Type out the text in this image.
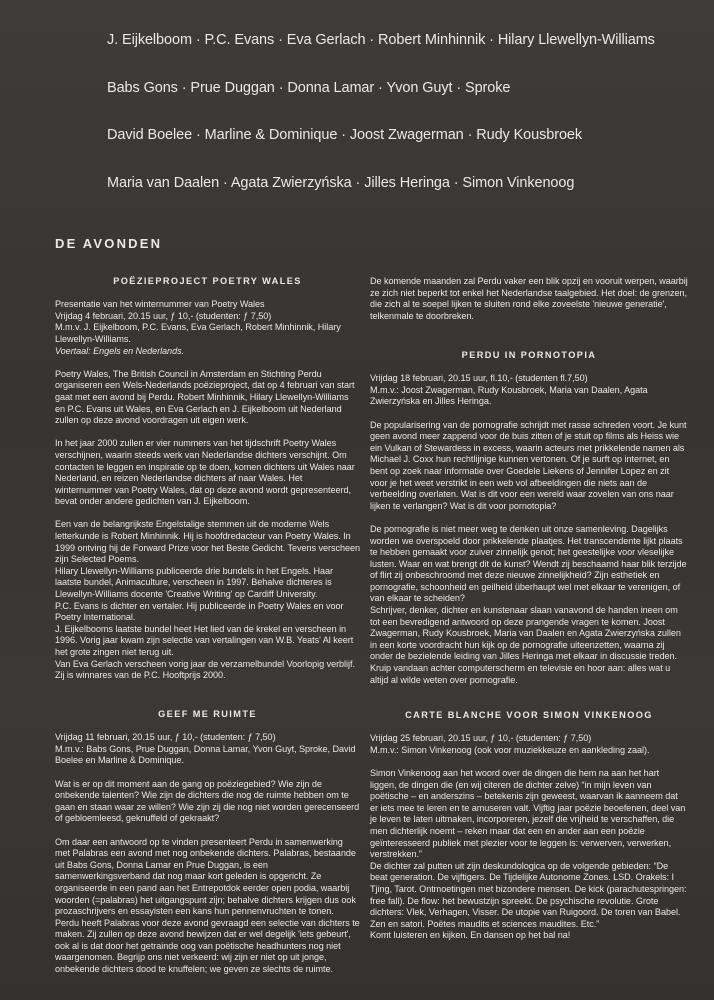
J. Eijkelboom · P.C. Evans · Eva Gerlach · Robert Minhinnik · Hilary Llewellyn-Williams
Babs Gons · Prue Duggan · Donna Lamar · Yvon Guyt · Sproke
David Boelee · Marline & Dominique · Joost Zwagerman · Rudy Kousbroek
Maria van Daalen · Agata Zwierzyńska · Jilles Heringa · Simon Vinkenoog
DE AVONDEN

POËZIEPROJECT POETRY WALES

Presentatie van het winternummer van Poetry Wales

Vrijdag 4 februari, 20.15 uur, ƒ 10,- (studenten: ƒ 7,50)

M.m.v. J. Eijkelboom, P.C. Evans, Eva Gerlach, Robert Minhinnik, Hilary Llewellyn-Williams.

Voertaal: Engels en Nederlands.

Poetry Wales, The British Council in Amsterdam en Stichting Perdu organiseren een Wels-Nederlands poëzieproject, dat op 4 februari van start gaat met een avond bij Perdu. Robert Minhinnik, Hilary Llewellyn-Williams en P.C. Evans uit Wales, en Eva Gerlach en J. Eijkelboom uit Nederland zullen op deze avond voordragen uit eigen werk.

In het jaar 2000 zullen er vier nummers van het tijdschrift Poetry Wales verschijnen, waarin steeds werk van Nederlandse dichters verschijnt. Om contacten te leggen en inspiratie op te doen, komen dichters uit Wales naar Nederland, en reizen Nederlandse dichters af naar Wales. Het winternummer van Poetry Wales, dat op deze avond wordt gepresenteerd, bevat onder andere gedichten van J. Eijkelboom.

Een van de belangrijkste Engelstalige stemmen uit de moderne Wels letterkunde is Robert Minhinnik. Hij is hoofdredacteur van Poetry Wales. In 1999 ontving hij de Forward Prize voor het Beste Gedicht. Tevens verscheen zijn Selected Poems.

Hilary Llewellyn-Williams publiceerde drie bundels in het Engels. Haar laatste bundel, Animaculture, verscheen in 1997. Behalve dichteres is Llewellyn-Williams docente 'Creative Writing' op Cardiff University.

P.C. Evans is dichter en vertaler. Hij publiceerde in Poetry Wales en voor Poetry International.

J. Eijkelbooms laatste bundel heet Het lied van de krekel en verscheen in 1996. Vorig jaar kwam zijn selectie van vertalingen van W.B. Yeats' Al keert het grote zingen niet terug uit.

Van Eva Gerlach verscheen vorig jaar de verzamelbundel Voorlopig verblijf. Zij is winnares van de P.C. Hooftprijs 2000.

GEEF ME RUIMTE

Vrijdag 11 februari, 20.15 uur, ƒ 10,- (studenten: ƒ 7,50)

M.m.v.: Babs Gons, Prue Duggan, Donna Lamar, Yvon Guyt, Sproke, David Boelee en Marline & Dominique.

Wat is er op dit moment aan de gang op poëziegebied? Wie zijn de onbekende talenten? Wie zijn de dichters die nog de ruimte hebben om te gaan en staan waar ze willen? Wie zijn zij die nog niet worden gerecenseerd of gebloemleesd, geknuffeld of gekraakt?

Om daar een antwoord op te vinden presenteert Perdu in samenwerking met Palabras een avond met nog onbekende dichters. Palabras, bestaande uit Babs Gons, Donna Lamar en Prue Duggan, is een samenwerkingsverband dat nog maar kort geleden is opgericht. Ze organiseerde in een pand aan het Entrepotdok eerder open podia, waarbij woorden (=palabras) het uitgangspunt zijn; behalve dichters krijgen dus ook prozaschrijvers en essayisten een kans hun pennenvruchten te tonen.

Perdu heeft Palabras voor deze avond gevraagd een selectie van dichters te maken. Zij zullen op deze avond bewijzen dat er wel degelijk 'iets gebeurt', ook al is dat door het getrainde oog van poëtische headhunters nog niet waargenomen. Begrijp ons niet verkeerd: wij zijn er niet op uit jonge, onbekende dichters dood te knuffelen; we geven ze slechts de ruimte.

De komende maanden zal Perdu vaker een blik opzij en vooruit werpen, waarbij ze zich niet beperkt tot enkel het Nederlandse taalgebied. Het doel: de grenzen, die zich al te soepel lijken te sluiten rond elke zoveelste 'nieuwe generatie', telkenmale te doorbreken.

PERDU IN PORNOTOPIA

Vrijdag 18 februari, 20.15 uur, fl.10,- (studenten fl.7,50)

M.m.v.: Joost Zwagerman, Rudy Kousbroek, Maria van Daalen, Agata Zwierzyńska en Jilles Heringa.

De popularisering van de pornografie schrijdt met rasse schreden voort. Je kunt geen avond meer zappend voor de buis zitten of je stuit op films als Heiss wie ein Vulkan of Stewardess in excess, waarin acteurs met prikkelende namen als Michael J. Coxx hun rechtlijnige kunnen vertonen. Of je surft op internet, en bent op zoek naar informatie over Goedele Liekens of Jennifer Lopez en zit voor je het weet verstrikt in een web vol afbeeldingen die niets aan de verbeelding overlaten. Wat is dit voor een wereld waar zovelen van ons naar lijken te verlangen? Wat is dit voor pornotopia?

De pornografie is niet meer weg te denken uit onze samenleving. Dagelijks worden we overspoeld door prikkelende plaatjes. Het transcendente lijkt plaats te hebben gemaakt voor zuiver zinnelijk genot; het geestelijke voor vleselijke lusten. Waar en wat brengt dit de kunst? Wendt zij beschaamd haar blik terzijde of flirt zij onbeschroomd met deze nieuwe zinnelijkheid? Zijn esthetiek en pornografie, schoonheid en geilheid überhaupt wel met elkaar te verenigen, of van elkaar te scheiden?

Schrijver, denker, dichter en kunstenaar slaan vanavond de handen ineen om tot een bevredigend antwoord op deze prangende vragen te komen. Joost Zwagerman, Rudy Kousbroek, Maria van Daalen en Agata Zwierzyńska zullen in een korte voordracht hun kijk op de pornografie uiteenzetten, waarna zij onder de bezielende leiding van Jilles Heringa met elkaar in discussie treden. Kruip vandaan achter computerscherm en televisie en hoor aan: alles wat u altijd al wilde weten over pornografie.

CARTE BLANCHE VOOR SIMON VINKENOOG

Vrijdag 25 februari, 20.15 uur, ƒ 10,- (studenten: ƒ 7,50)

M.m.v.: Simon Vinkenoog (ook voor muziekkeuze en aankleding zaal).

Simon Vinkenoog aan het woord over de dingen die hem na aan het hart liggen, de dingen die (en wij citeren de dichter zelve) “in mijn leven van poëtische – en anderszins – betekenis zijn geweest, waarvan ik aanneem dat er iets mee te leren en te amuseren valt. Vijftig jaar poëzie beoefenen, deel van je leven te laten uitmaken, incorporeren, jezelf die vrijheid te verschaffen, die men dichterlijk noemt – reken maar dat een en ander aan een poëzie geïnteresseerd publiek met plezier voor te leggen is: verwerven, verwerken, verstrekken.”

De dichter zal putten uit zijn deskundologica op de volgende gebieden: “De beat generation. De vijftigers. De Tijdelijke Autonome Zones. LSD. Orakels: I Tjing, Tarot. Ontmoetingen met bizondere mensen. De kick (parachutespringen: free fall). De flow: het bewustzijn spreekt. De psychische revolutie. Grote dichters: Vlek, Verhagen, Visser. De utopie van Ruigoord. De toren van Babel. Zen en satori. Poëtes maudits et sciences maudites. Etc.”

Komt luisteren en kijken. En dansen op het bal na!
